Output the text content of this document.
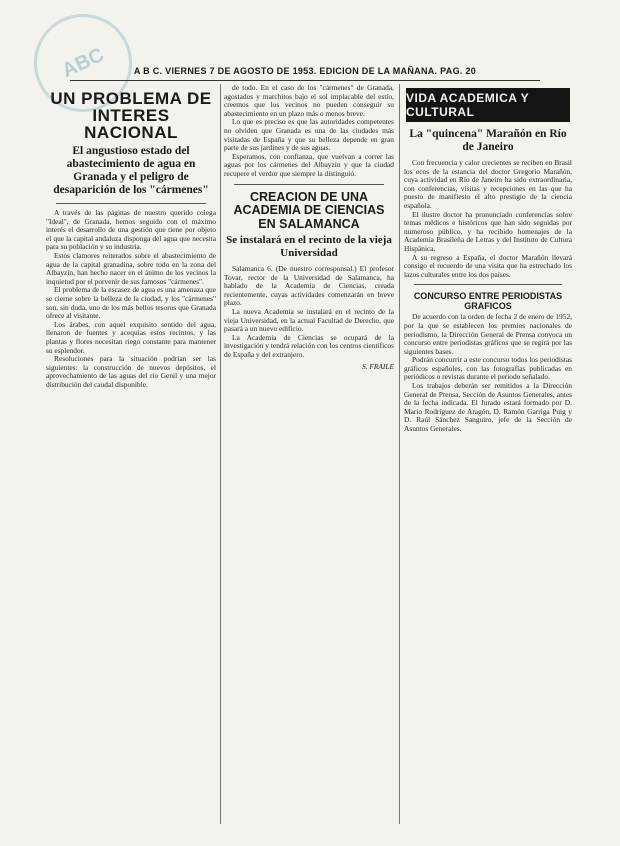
ABC	A B C. VIERNES 7 DE AGOSTO DE 1953. EDICION DE LA MAÑANA. PAG. 20
UN PROBLEMA DE INTERES NACIONAL
El angustioso estado del abastecimiento de agua en Granada y el peligro de desaparición de los "cármenes"

A través de las páginas de nuestro querido colega "Ideal", de Granada, hemos seguido con el máximo interés el desarrollo de una gestión que tiene por objeto el que la capital andaluza disponga del agua que necesita para su población y su industria.

Estos clamores reiterados sobre el abastecimiento de agua de la capital granadina, sobre todo en la zona del Albayzín, han hecho nacer en el ánimo de los vecinos la inquietud por el porvenir de sus famosos "cármenes".

El problema de la escasez de agua es una amenaza que se cierne sobre la belleza de la ciudad, y los "cármenes" son, sin duda, uno de los más bellos tesoros que Granada ofrece al visitante.

Los árabes, con aquel exquisito sentido del agua, llenaron de fuentes y acequias estos recintos, y las plantas y flores necesitan riego constante para mantener su esplendor.

Resoluciones para la situación podrían ser las siguientes: la construcción de nuevos depósitos, el aprovechamiento de las aguas del río Genil y una mejor distribución del caudal disponible.

de todo. En el caso de los "cármenes" de Granada, agostados y marchitos bajo el sol implacable del estío, creemos que los vecinos no pueden conseguir su abastecimiento en un plazo más o menos breve.

Lo que es preciso es que las autoridades competentes no olviden que Granada es una de las ciudades más visitadas de España y que su belleza depende en gran parte de sus jardines y de sus aguas.

Esperamos, con confianza, que vuelvan a correr las aguas por los cármenes del Albayzín y que la ciudad recupere el verdor que siempre la distinguió.

CREACION DE UNA ACADEMIA DE CIENCIAS EN SALAMANCA
Se instalará en el recinto de la vieja Universidad

Salamanca 6. (De nuestro corresponsal.) El profesor Tovar, rector de la Universidad de Salamanca, ha hablado de la Academia de Ciencias, creada recientemente, cuyas actividades comenzarán en breve plazo.

La nueva Academia se instalará en el recinto de la vieja Universidad, en la actual Facultad de Derecho, que pasará a un nuevo edificio.

La Academia de Ciencias se ocupará de la investigación y tendrá relación con los centros científicos de España y del extranjero.

S. FRAILE
VIDA ACADEMICA Y CULTURAL
La "quincena" Marañón en Río de Janeiro

Con frecuencia y calor crecientes se reciben en Brasil los ecos de la estancia del doctor Gregorio Marañón, cuya actividad en Río de Janeiro ha sido extraordinaria, con conferencias, visitas y recepciones en las que ha puesto de manifiesto el alto prestigio de la ciencia española.

El ilustre doctor ha pronunciado conferencias sobre temas médicos e históricos que han sido seguidas por numeroso público, y ha recibido homenajes de la Academia Brasileña de Letras y del Instituto de Cultura Hispánica.

A su regreso a España, el doctor Marañón llevará consigo el recuerdo de una visita que ha estrechado los lazos culturales entre los dos países.

CONCURSO ENTRE PERIODISTAS GRAFICOS

De acuerdo con la orden de fecha 2 de enero de 1952, por la que se establecen los premios nacionales de periodismo, la Dirección General de Prensa convoca un concurso entre periodistas gráficos que se regirá por las siguientes bases.

Podrán concurrir a este concurso todos los periodistas gráficos españoles, con las fotografías publicadas en periódicos o revistas durante el periodo señalado.

Los trabajos deberán ser remitidos a la Dirección General de Prensa, Sección de Asuntos Generales, antes de la fecha indicada. El Jurado estará formado por D. Mario Rodríguez de Aragón, D. Ramón Garriga Puig y D. Raúl Sánchez Sanguiro, jefe de la Sección de Asuntos Generales.
